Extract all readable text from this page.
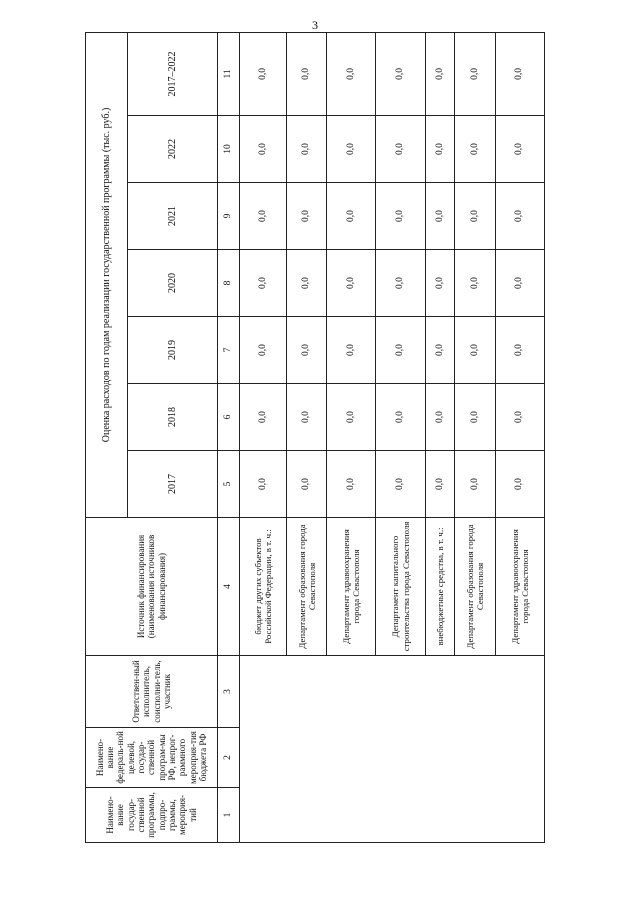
3
Наимено-вание государ-ственной программы, подпро-граммы, мероприя-тий	Наимено-вание федераль-ной целевой, государ-ственной програм-мы РФ, непрог-раммного мероприя-тия бюджета РФ	Ответствен-ный исполнитель, соисполни-тель, участник	Источник финансирования (наименования источников финансирования)	Оценка расходов по годам реализации государственной программы (тыс. руб.)						
				2017	2018	2019	2020	2021	2022	2017–2022
1	2	3	4	5	6	7	8	9	10	11
			бюджет других субъектов Российской Федерации, в т. ч.:	0,0	0,0	0,0	0,0	0,0	0,0	0,0
			Департамент образования города Севастополя	0,0	0,0	0,0	0,0	0,0	0,0	0,0
			Департамент здравоохранения города Севастополя	0,0	0,0	0,0	0,0	0,0	0,0	0,0
			Департамент капитального строительства города Севастополя	0,0	0,0	0,0	0,0	0,0	0,0	0,0
			внебюджетные средства, в т. ч.:	0,0	0,0	0,0	0,0	0,0	0,0	0,0
			Департамент образования города Севастополя	0,0	0,0	0,0	0,0	0,0	0,0	0,0
			Департамент здравоохранения города Севастополя	0,0	0,0	0,0	0,0	0,0	0,0	0,0
